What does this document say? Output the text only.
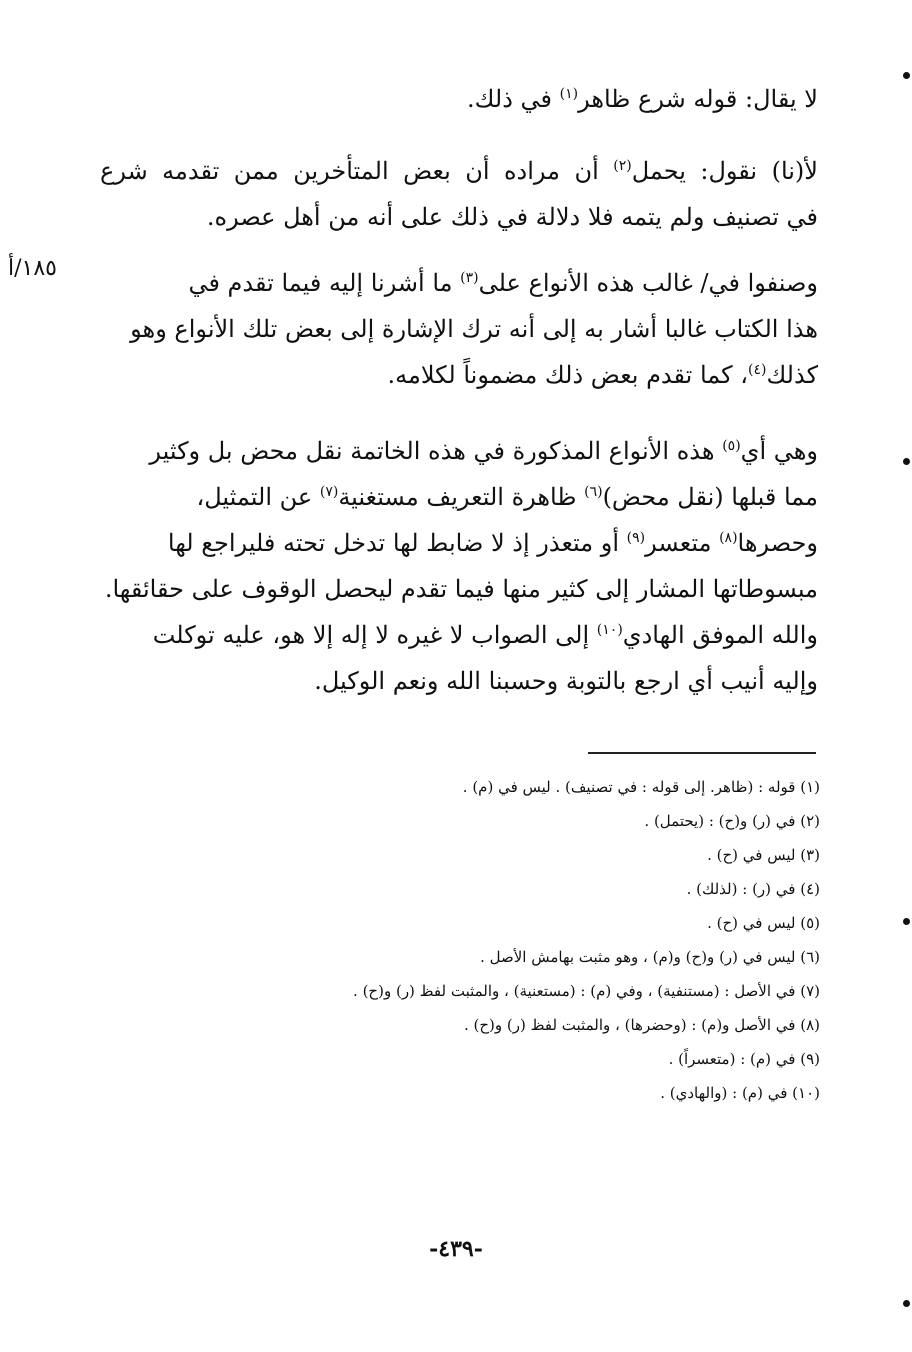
لا يقال: قوله شرع ظاهر$^{(١)}$ في ذلك.
لأ(نا) نقول: يحمل$^{(٢)}$ أن مراده أن بعض المتأخرين ممن تقدمه شرع
في تصنيف ولم يتمه فلا دلالة في ذلك على أنه من أهل عصره.
١٨٥/أ
وصنفوا في/ غالب هذه الأنواع على$^{(٣)}$ ما أشرنا إليه فيما تقدم في
هذا الكتاب غالبا أشار به إلى أنه ترك الإشارة إلى بعض تلك الأنواع وهو
كذلك$^{(٤)}$، كما تقدم بعض ذلك مضموناً لكلامه.
وهي أي$^{(٥)}$ هذه الأنواع المذكورة في هذه الخاتمة نقل محض بل وكثير
مما قبلها (نقل محض)$^{(٦)}$ ظاهرة التعريف مستغنية$^{(٧)}$ عن التمثيل،
وحصرها$^{(٨)}$ متعسر$^{(٩)}$ أو متعذر إذ لا ضابط لها تدخل تحته فليراجع لها
مبسوطاتها المشار إلى كثير منها فيما تقدم ليحصل الوقوف على حقائقها.
والله الموفق الهادي$^{(١٠)}$ إلى الصواب لا غيره لا إله إلا هو، عليه توكلت
وإليه أنيب أي ارجع بالتوبة وحسبنا الله ونعم الوكيل.
(١) قوله : (ظاهر. إلى قوله : في تصنيف) . ليس في (م) .
(٢) في (ر) و(ح) : (يحتمل) .
(٣) ليس في (ح) .
(٤) في (ر) : (لذلك) .
(٥) ليس في (ح) .
(٦) ليس في (ر) و(ح) و(م) ، وهو مثبت بهامش الأصل .
(٧) في الأصل : (مستنفية) ، وفي (م) : (مستعنية) ، والمثبت لفظ (ر) و(ح) .
(٨) في الأصل و(م) : (وحضرها) ، والمثبت لفظ (ر) و(ح) .
(٩) في (م) : (متعسراً) .
(١٠) في (م) : (والهادي) .
-٤٣٩-
